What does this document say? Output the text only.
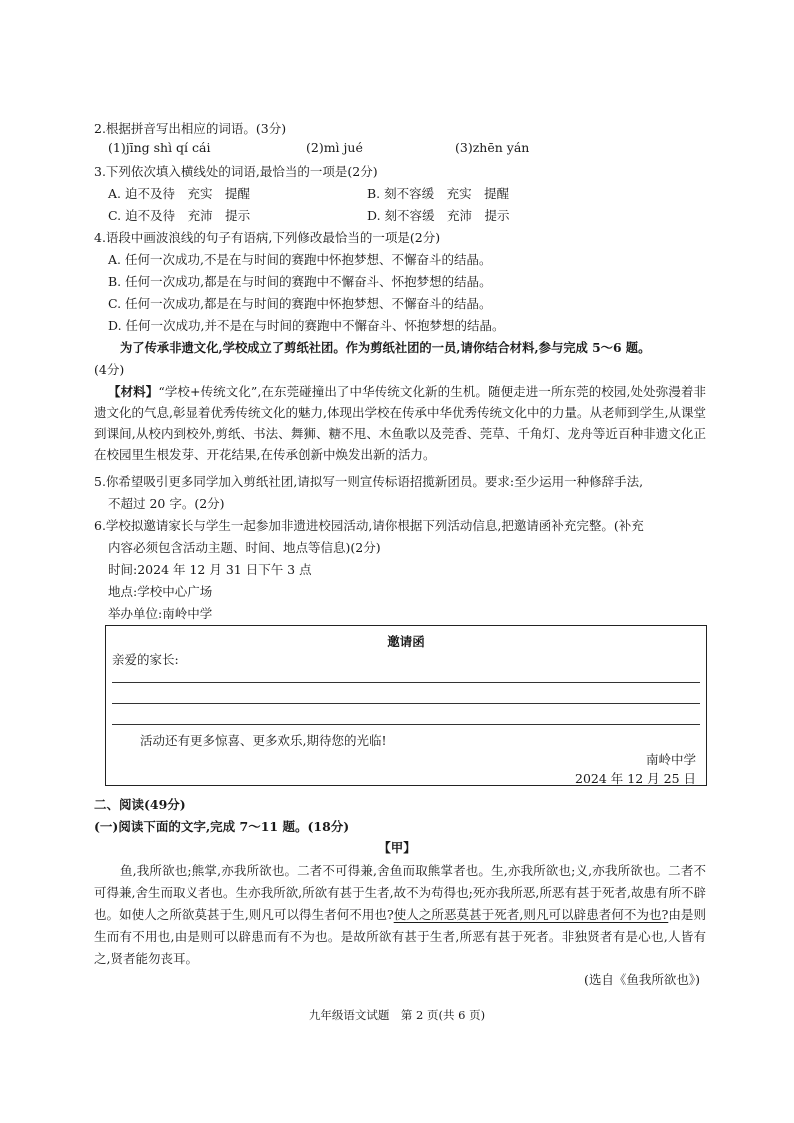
2.根据拼音写出相应的词语。(3分)
(1)jīng shì qí cái	(2)mì jué	(3)zhēn yán
3.下列依次填入横线处的词语,最恰当的一项是(2分)
A. 迫不及待　充实　提醒	B. 刻不容缓　充实　提醒
C. 迫不及待　充沛　提示	D. 刻不容缓　充沛　提示
4.语段中画波浪线的句子有语病,下列修改最恰当的一项是(2分)
A. 任何一次成功,不是在与时间的赛跑中怀抱梦想、不懈奋斗的结晶。
B. 任何一次成功,都是在与时间的赛跑中不懈奋斗、怀抱梦想的结晶。
C. 任何一次成功,都是在与时间的赛跑中怀抱梦想、不懈奋斗的结晶。
D. 任何一次成功,并不是在与时间的赛跑中不懈奋斗、怀抱梦想的结晶。
为了传承非遗文化,学校成立了剪纸社团。作为剪纸社团的一员,请你结合材料,参与完成 5～6 题。
(4分)
【材料】“学校+传统文化”,在东莞碰撞出了中华传统文化新的生机。随便走进一所东莞的校园,处处弥漫着非遗文化的气息,彰显着优秀传统文化的魅力,体现出学校在传承中华优秀传统文化中的力量。从老师到学生,从课堂到课间,从校内到校外,剪纸、书法、舞狮、糖不甩、木鱼歌以及莞香、莞草、千角灯、龙舟等近百种非遗文化正在校园里生根发芽、开花结果,在传承创新中焕发出新的活力。
5.你希望吸引更多同学加入剪纸社团,请拟写一则宣传标语招揽新团员。要求:至少运用一种修辞手法,
不超过 20 字。(2分)
6.学校拟邀请家长与学生一起参加非遗进校园活动,请你根据下列活动信息,把邀请函补充完整。(补充
内容必须包含活动主题、时间、地点等信息)(2分)
时间:2024 年 12 月 31 日下午 3 点
地点:学校中心广场
举办单位:南岭中学
邀请函
亲爱的家长:
活动还有更多惊喜、更多欢乐,期待您的光临!
南岭中学
2024 年 12 月 25 日
二、阅读(49分)
(一)阅读下面的文字,完成 7～11 题。(18分)
【甲】
鱼,我所欲也;熊掌,亦我所欲也。二者不可得兼,舍鱼而取熊掌者也。生,亦我所欲也;义,亦我所欲也。二者不可得兼,舍生而取义者也。生亦我所欲,所欲有甚于生者,故不为苟得也;死亦我所恶,所恶有甚于死者,故患有所不辟也。如使人之所欲莫甚于生,则凡可以得生者何不用也?使人之所恶莫甚于死者,则凡可以辟患者何不为也?由是则生而有不用也,由是则可以辟患而有不为也。是故所欲有甚于生者,所恶有甚于死者。非独贤者有是心也,人皆有之,贤者能勿丧耳。
(选自《鱼我所欲也》)
九年级语文试题　第 2 页(共 6 页)
